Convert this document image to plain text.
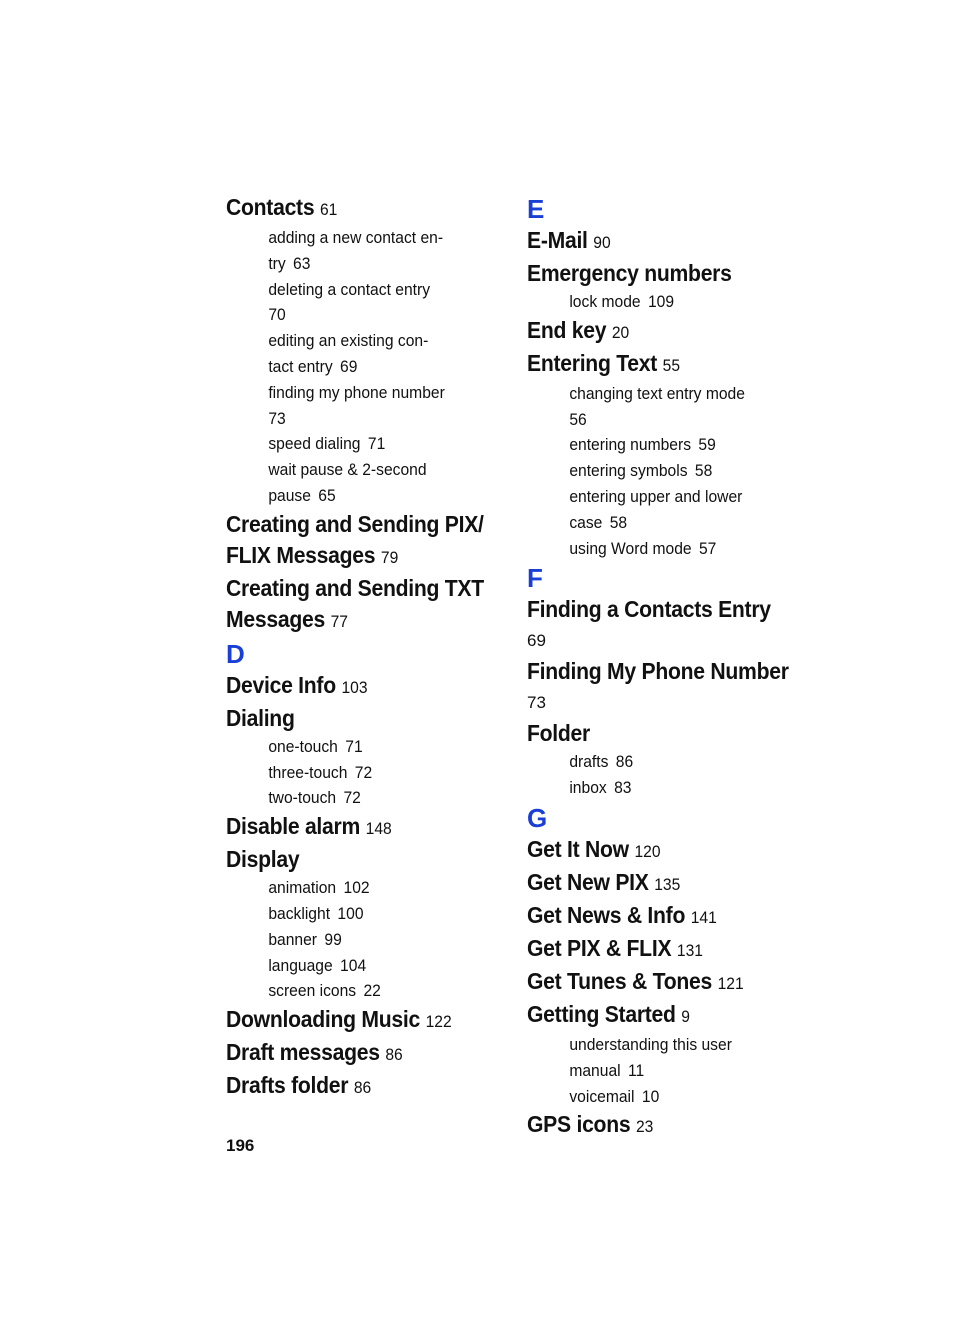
Contacts 61
adding a new contact en-
try 63
deleting a contact entry
70
editing an existing con-
tact entry 69
finding my phone number
73
speed dialing 71
wait pause & 2-second
pause 65
Creating and Sending PIX/
FLIX Messages 79
Creating and Sending TXT
Messages 77
D
Device Info 103
Dialing
one-touch 71
three-touch 72
two-touch 72
Disable alarm 148
Display
animation 102
backlight 100
banner 99
language 104
screen icons 22
Downloading Music 122
Draft messages 86
Drafts folder 86
E
E-Mail 90
Emergency numbers
lock mode 109
End key 20
Entering Text 55
changing text entry mode
56
entering numbers 59
entering symbols 58
entering upper and lower
case 58
using Word mode 57
F
Finding a Contacts Entry
69
Finding My Phone Number
73
Folder
drafts 86
inbox 83
G
Get It Now 120
Get New PIX 135
Get News & Info 141
Get PIX & FLIX 131
Get Tunes & Tones 121
Getting Started 9
understanding this user
manual 11
voicemail 10
GPS icons 23
196
